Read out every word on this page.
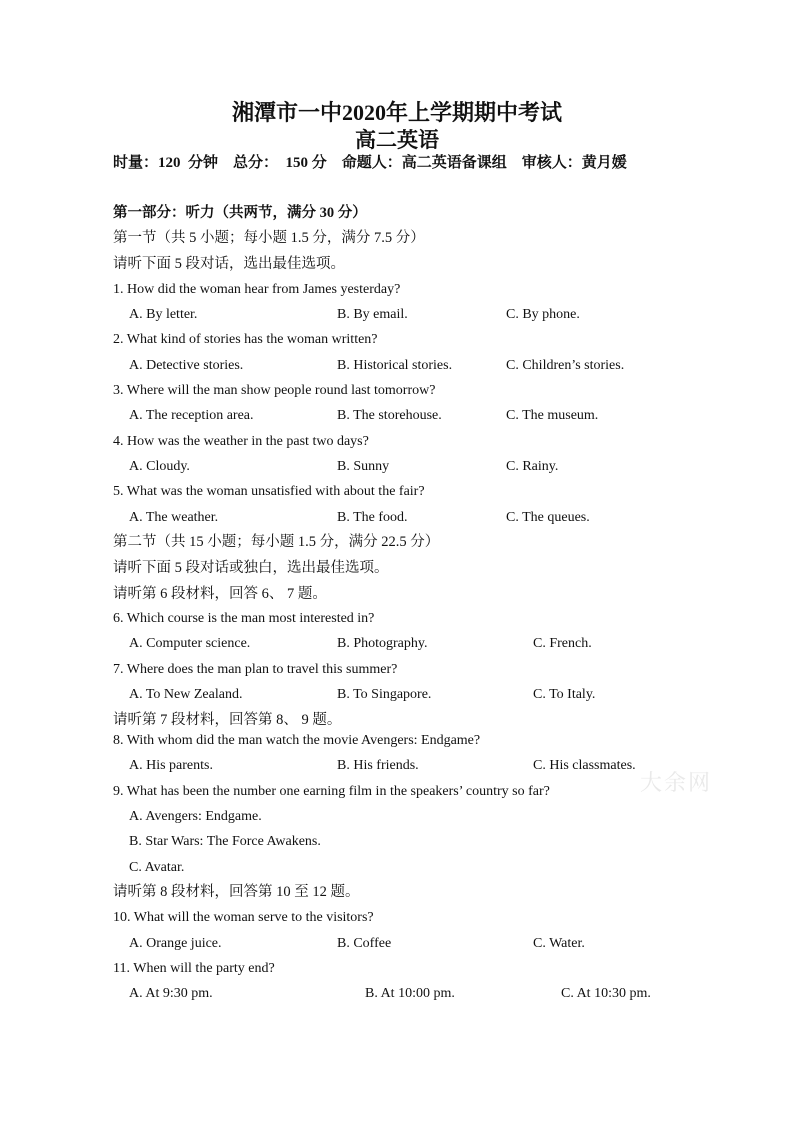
湘潭市一中2020年上学期期中考试
高二英语
时量：120  分钟    总分：  150 分    命题人：高二英语备课组    审核人：黄月媛
第一部分：听力（共两节，满分 30 分）
第一节（共 5 小题；每小题 1.5 分，满分 7.5 分）
请听下面 5 段对话，选出最佳选项。
1. How did the woman hear from James yesterday?
A. By letter.	B. By email.	C. By phone.
2. What kind of stories has the woman written?
A. Detective stories.	B. Historical stories.	C. Children’s stories.
3. Where will the man show people round last tomorrow?
A. The reception area.	B. The storehouse.	C. The museum.
4. How was the weather in the past two days?
A. Cloudy.	B. Sunny	C. Rainy.
5. What was the woman unsatisfied with about the fair?
A. The weather.	B. The food.	C. The queues.
第二节（共 15 小题；每小题 1.5 分，满分 22.5 分）
请听下面 5 段对话或独白，选出最佳选项。
请听第 6 段材料，回答 6、 7 题。
6. Which course is the man most interested in?
A. Computer science.	B. Photography.	C. French.
7. Where does the man plan to travel this summer?
A. To New Zealand.	B. To Singapore.	C. To Italy.
请听第 7 段材料，回答第 8、 9 题。
8. With whom did the man watch the movie Avengers: Endgame?
A. His parents.	B. His friends.	C. His classmates.
9. What has been the number one earning film in the speakers’ country so far?
A. Avengers: Endgame.
B. Star Wars: The Force Awakens.
C. Avatar.
请听第 8 段材料，回答第 10 至 12 题。
10. What will the woman serve to the visitors?
A. Orange juice.	B. Coffee	C. Water.
11. When will the party end?
A. At 9:30 pm.	B. At 10:00 pm.	C. At 10:30 pm.
大余网
